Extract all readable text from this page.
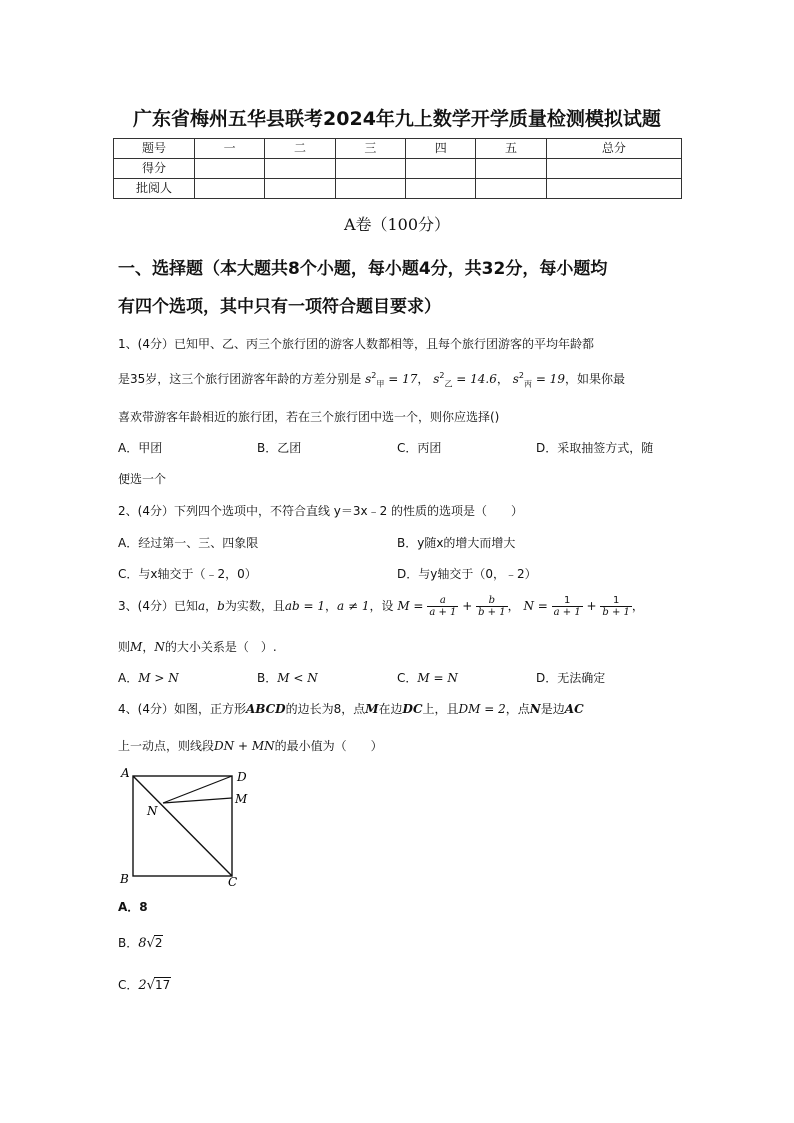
广东省梅州五华县联考2024年九上数学开学质量检测模拟试题
题号	一	二	三	四	五	总分
得分						
批阅人						
A卷（100分）
一、选择题（本大题共8个小题，每小题4分，共32分，每小题均
有四个选项，其中只有一项符合题目要求）
1、(4分）已知甲、乙、丙三个旅行团的游客人数都相等，且每个旅行团游客的平均年龄都
是35岁，这三个旅行团游客年龄的方差分别是 $s^2_甲 = 17$， $s^2_乙 = 14.6$， $s^2_丙 = 19$，如果你最
喜欢带游客年龄相近的旅行团，若在三个旅行团中选一个，则你应选择()
A．甲团	B．乙团	C．丙团	D．采取抽签方式，随
便选一个
2、(4分）下列四个选项中，不符合直线 y＝3x﹣2 的性质的选项是（　　）
A．经过第一、三、四象限	B．y随x的增大而增大
C．与x轴交于（﹣2，0）	D．与y轴交于（0，﹣2）
3、(4分）已知a，b为实数，且ab = 1，a ≠ 1，设 $M = \frac{a}{a + 1} + \frac{b}{b + 1}$ ， $N = \frac{1}{a + 1} + \frac{1}{b + 1}$ ，
则M，N的大小关系是（　）.
A．M > N	B．M < N	C．M = N	D．无法确定
4、(4分）如图，正方形ABCD的边长为8，点M在边DC上，且DM = 2，点N是边AC
上一动点，则线段DN + MN的最小值为（　　）
A
B	C
D
M
N
A．8
B．8√2
C．2√17
